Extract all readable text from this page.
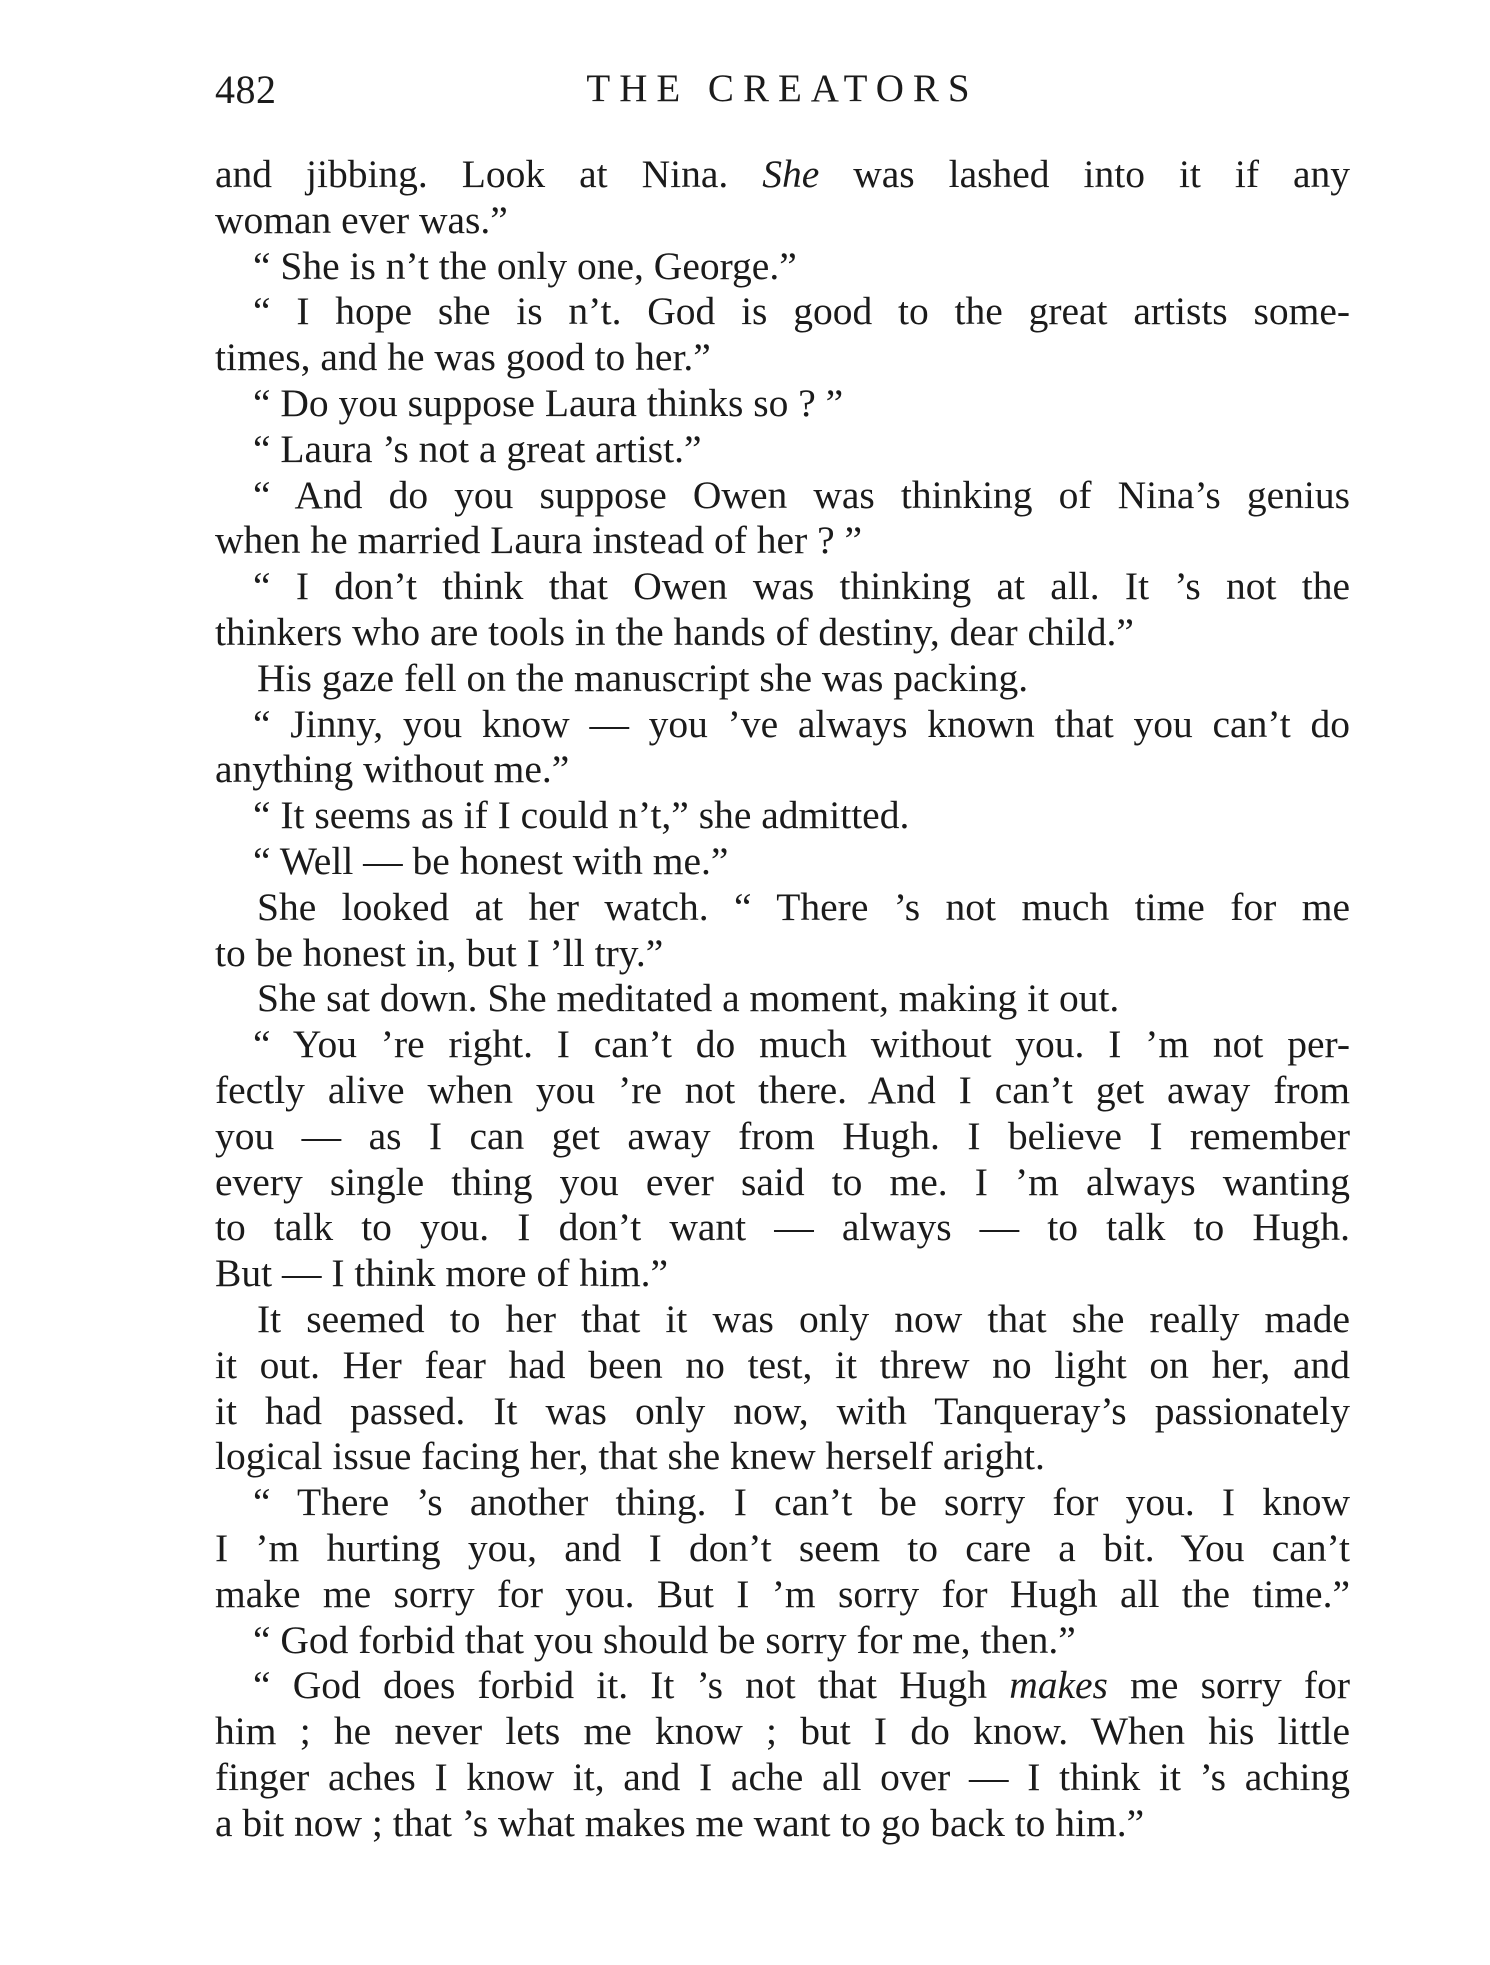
482	THE CREATORS
and jibbing. Look at Nina. She was lashed into it if any
woman ever was.”
“ She is n’t the only one, George.”
“ I hope she is n’t. God is good to the great artists some-
times, and he was good to her.”
“ Do you suppose Laura thinks so ? ”
“ Laura ’s not a great artist.”
“ And do you suppose Owen was thinking of Nina’s genius
when he married Laura instead of her ? ”
“ I don’t think that Owen was thinking at all. It ’s not the
thinkers who are tools in the hands of destiny, dear child.”
His gaze fell on the manuscript she was packing.
“ Jinny, you know — you ’ve always known that you can’t do
anything without me.”
“ It seems as if I could n’t,” she admitted.
“ Well — be honest with me.”
She looked at her watch. “ There ’s not much time for me
to be honest in, but I ’ll try.”
She sat down. She meditated a moment, making it out.
“ You ’re right. I can’t do much without you. I ’m not per-
fectly alive when you ’re not there. And I can’t get away from
you — as I can get away from Hugh. I believe I remember
every single thing you ever said to me. I ’m always wanting
to talk to you. I don’t want — always — to talk to Hugh.
But — I think more of him.”
It seemed to her that it was only now that she really made
it out. Her fear had been no test, it threw no light on her, and
it had passed. It was only now, with Tanqueray’s passionately
logical issue facing her, that she knew herself aright.
“ There ’s another thing. I can’t be sorry for you. I know
I ’m hurting you, and I don’t seem to care a bit. You can’t
make me sorry for you. But I ’m sorry for Hugh all the time.”
“ God forbid that you should be sorry for me, then.”
“ God does forbid it. It ’s not that Hugh makes me sorry for
him ; he never lets me know ; but I do know. When his little
finger aches I know it, and I ache all over — I think it ’s aching
a bit now ; that ’s what makes me want to go back to him.”
